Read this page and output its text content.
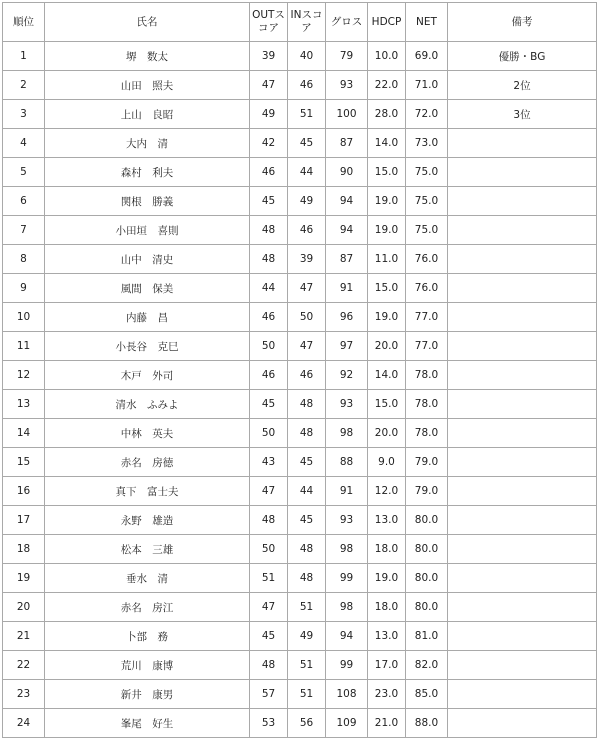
順位	氏名	OUTスコア	INスコア	グロス	HDCP	NET	備考
1	堺　数太	39	40	79	10.0	69.0	優勝・BG
2	山田　照夫	47	46	93	22.0	71.0	2位
3	上山　良昭	49	51	100	28.0	72.0	3位
4	大内　清	42	45	87	14.0	73.0	
5	森村　利夫	46	44	90	15.0	75.0	
6	関根　勝義	45	49	94	19.0	75.0	
7	小田垣　喜則	48	46	94	19.0	75.0	
8	山中　清史	48	39	87	11.0	76.0	
9	風間　保美	44	47	91	15.0	76.0	
10	内藤　昌	46	50	96	19.0	77.0	
11	小長谷　克巳	50	47	97	20.0	77.0	
12	木戸　外司	46	46	92	14.0	78.0	
13	清水　ふみよ	45	48	93	15.0	78.0	
14	中林　英夫	50	48	98	20.0	78.0	
15	赤名　房徳	43	45	88	9.0	79.0	
16	真下　富士夫	47	44	91	12.0	79.0	
17	永野　雄造	48	45	93	13.0	80.0	
18	松本　三雄	50	48	98	18.0	80.0	
19	垂水　清	51	48	99	19.0	80.0	
20	赤名　房江	47	51	98	18.0	80.0	
21	卜部　務	45	49	94	13.0	81.0	
22	荒川　康博	48	51	99	17.0	82.0	
23	新井　康男	57	51	108	23.0	85.0	
24	峯尾　好生	53	56	109	21.0	88.0	
